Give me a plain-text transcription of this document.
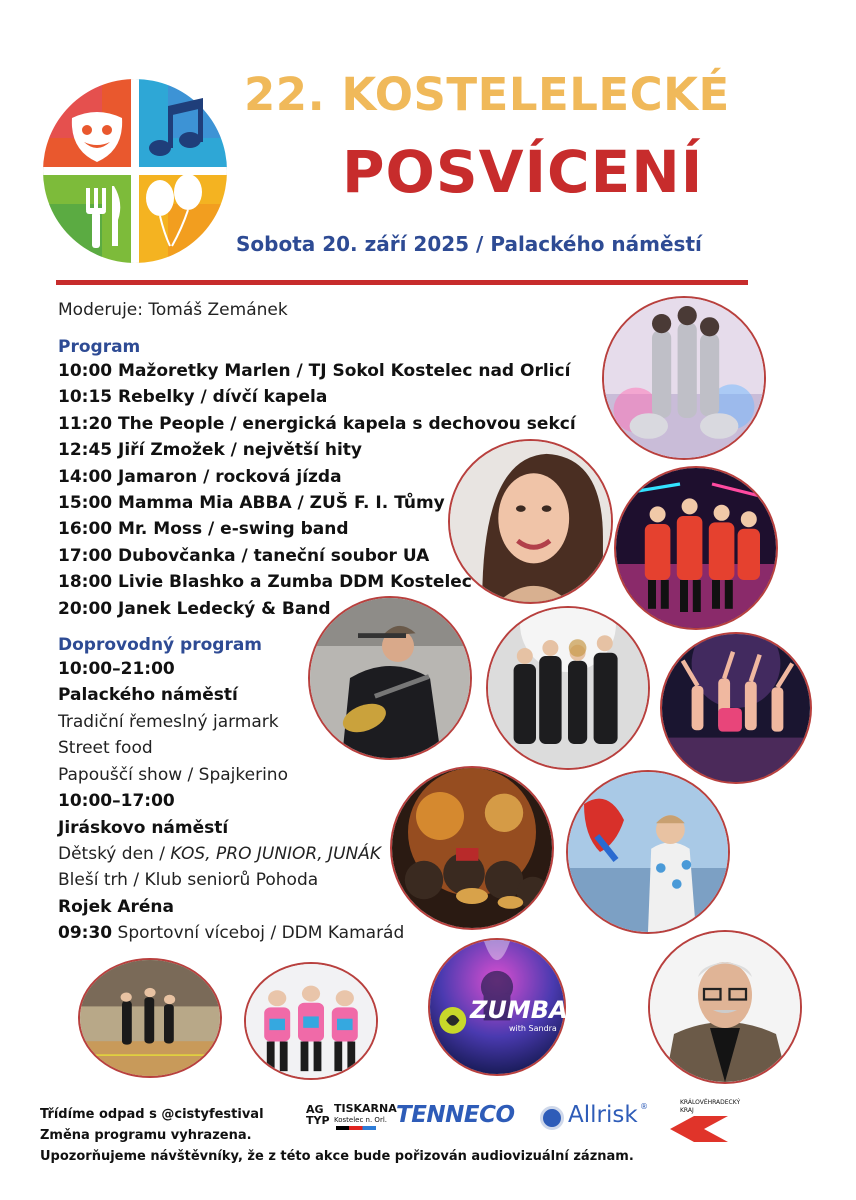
22. KOSTELELECKÉ
POSVÍCENÍ
Sobota 20. září 2025 / Palackého náměstí
Moderuje: Tomáš Zemánek
Program
10:00 Mažoretky Marlen / TJ Sokol Kostelec nad Orlicí
10:15 Rebelky / dívčí kapela
11:20 The People / energická kapela s dechovou sekcí
12:45 Jiří Zmožek / největší hity
14:00 Jamaron / rocková jízda
15:00 Mamma Mia ABBA / ZUŠ F. I. Tůmy
16:00 Mr. Moss / e-swing band
17:00 Dubovčanka / taneční soubor UA
18:00 Livie Blashko a Zumba DDM Kostelec
20:00 Janek Ledecký & Band
Doprovodný program
10:00–21:00
Palackého náměstí
Tradiční řemeslný jarmark
Street food
Papouščí show / Spajkerino
10:00–17:00
Jiráskovo náměstí
Dětský den / KOS, PRO JUNIOR, JUNÁK
Bleší trh / Klub seniorů Pohoda
Rojek Aréna
09:30 Sportovní víceboj / DDM Kamarád
ZUMBA
with Sandra
Třídíme odpad s @cistyfestival
Změna programu vyhrazena.
Upozorňujeme návštěvníky, že z této akce bude pořizován audiovizuální záznam.
AG TYP
TISKARNA
Kostelec n. Orl. TENNECO Allrisk ®	KRÁLOVÉHRADECKÝ
KRAJ
